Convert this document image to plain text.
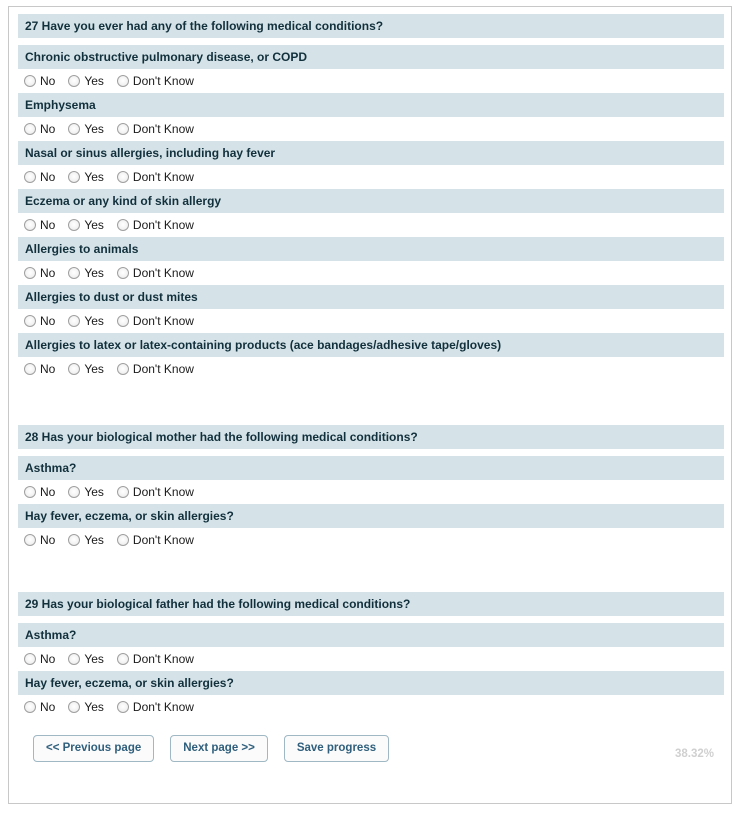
27 Have you ever had any of the following medical conditions?
Chronic obstructive pulmonary disease, or COPD
No Yes Don't Know
Emphysema
No Yes Don't Know
Nasal or sinus allergies, including hay fever
No Yes Don't Know
Eczema or any kind of skin allergy
No Yes Don't Know
Allergies to animals
No Yes Don't Know
Allergies to dust or dust mites
No Yes Don't Know
Allergies to latex or latex-containing products (ace bandages/adhesive tape/gloves)
No Yes Don't Know
28 Has your biological mother had the following medical conditions?
Asthma?
No Yes Don't Know
Hay fever, eczema, or skin allergies?
No Yes Don't Know
29 Has your biological father had the following medical conditions?
Asthma?
No Yes Don't Know
Hay fever, eczema, or skin allergies?
No Yes Don't Know
<< Previous page	Next page >>	Save progress	38.32%
